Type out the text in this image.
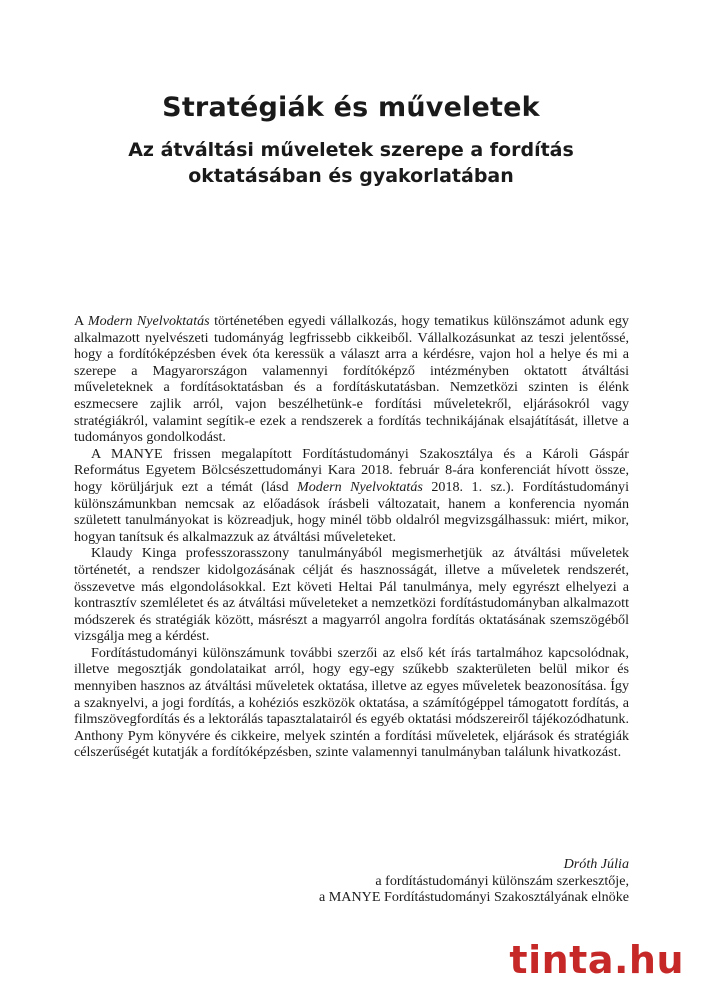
Stratégiák és műveletek
Az átváltási műveletek szerepe a fordítás oktatásában és gyakorlatában

A Modern Nyelvoktatás történetében egyedi vállalkozás, hogy tematikus különszámot adunk egy alkalmazott nyelvészeti tudományág legfrissebb cikkeiből. Vállalkozásunkat az teszi jelentőssé, hogy a fordítóképzésben évek óta keressük a választ arra a kérdésre, vajon hol a helye és mi a szerepe a Magyarországon valamennyi fordítóképző intézményben oktatott átváltási műveleteknek a fordításoktatásban és a fordításkutatásban. Nemzetközi szinten is élénk eszmecsere zajlik arról, vajon beszélhetünk-e fordítási műveletekről, eljárásokról vagy stratégiákról, valamint segítik-e ezek a rendszerek a fordítás technikájának elsajátítását, illetve a tudományos gondolkodást.

A MANYE frissen megalapított Fordítástudományi Szakosztálya és a Károli Gáspár Református Egyetem Bölcsészettudományi Kara 2018. február 8-ára konferenciát hívott össze, hogy körüljárjuk ezt a témát (lásd Modern Nyelvoktatás 2018. 1. sz.). Fordítástudományi különszámunkban nemcsak az előadások írásbeli változatait, hanem a konferencia nyomán született tanulmányokat is közreadjuk, hogy minél több oldalról megvizsgálhassuk: miért, mikor, hogyan tanítsuk és alkalmazzuk az átváltási műveleteket.

Klaudy Kinga professzorasszony tanulmányából megismerhetjük az átváltási műveletek történetét, a rendszer kidolgozásának célját és hasznosságát, illetve a műveletek rendszerét, összevetve más elgondolásokkal. Ezt követi Heltai Pál tanulmánya, mely egyrészt elhelyezi a kontrasztív szemléletet és az átváltási műveleteket a nemzetközi fordítástudományban alkalmazott módszerek és stratégiák között, másrészt a magyarról angolra fordítás oktatásának szemszögéből vizsgálja meg a kérdést.

Fordítástudományi különszámunk további szerzői az első két írás tartalmához kapcsolódnak, illetve megosztják gondolataikat arról, hogy egy-egy szűkebb szakterületen belül mikor és mennyiben hasznos az átváltási műveletek oktatása, illetve az egyes műveletek beazonosítása. Így a szaknyelvi, a jogi fordítás, a kohéziós eszközök oktatása, a számítógéppel támogatott fordítás, a filmszövegfordítás és a lektorálás tapasztalatairól és egyéb oktatási módszereiről tájékozódhatunk. Anthony Pym könyvére és cikkeire, melyek szintén a fordítási műveletek, eljárások és stratégiák célszerűségét kutatják a fordítóképzésben, szinte valamennyi tanulmányban találunk hivatkozást.

Dróth Júlia
a fordítástudományi különszám szerkesztője,
a MANYE Fordítástudományi Szakosztályának elnöke
tinta.hu
